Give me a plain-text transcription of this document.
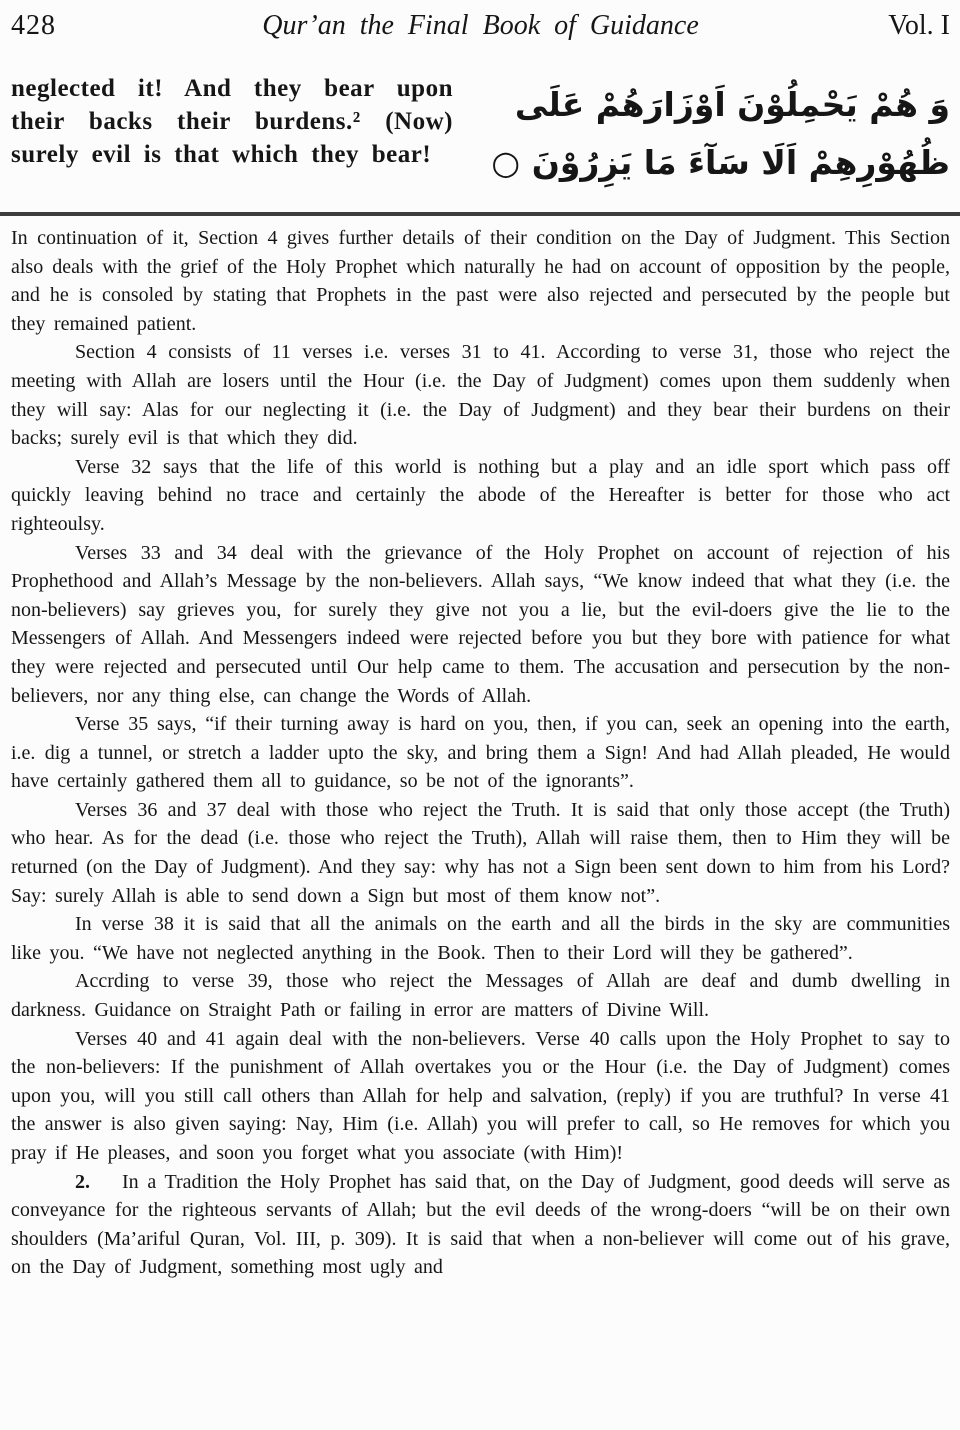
428	Qur’an the Final Book of Guidance	Vol. I
neglected it! And they bear upon their backs their burdens.² (Now) surely evil is that which they bear!
وَ هُمْ يَحْمِلُوْنَ اَوْزَارَهُمْ عَلَى
ظُهُوْرِهِمْ اَلَا سَآءَ مَا يَزِرُوْنَ ○

In continuation of it, Section 4 gives further details of their condition on the Day of Judgment. This Section also deals with the grief of the Holy Prophet which naturally he had on account of opposition by the people, and he is consoled by stating that Prophets in the past were also rejected and persecuted by the people but they remained patient.

Section 4 consists of 11 verses i.e. verses 31 to 41. According to verse 31, those who reject the meeting with Allah are losers until the Hour (i.e. the Day of Judgment) comes upon them suddenly when they will say: Alas for our neglecting it (i.e. the Day of Judgment) and they bear their burdens on their backs; surely evil is that which they did.

Verse 32 says that the life of this world is nothing but a play and an idle sport which pass off quickly leaving behind no trace and certainly the abode of the Hereafter is better for those who act righteoulsy.

Verses 33 and 34 deal with the grievance of the Holy Prophet on account of rejection of his Prophethood and Allah’s Message by the non-believers. Allah says, “We know indeed that what they (i.e. the non-believers) say grieves you, for surely they give not you a lie, but the evil-doers give the lie to the Messengers of Allah. And Messengers indeed were rejected before you but they bore with patience for what they were rejected and persecuted until Our help came to them. The accusation and persecution by the non-believers, nor any thing else, can change the Words of Allah.

Verse 35 says, “if their turning away is hard on you, then, if you can, seek an opening into the earth, i.e. dig a tunnel, or stretch a ladder upto the sky, and bring them a Sign! And had Allah pleaded, He would have certainly gathered them all to guidance, so be not of the ignorants”.

Verses 36 and 37 deal with those who reject the Truth. It is said that only those accept (the Truth) who hear. As for the dead (i.e. those who reject the Truth), Allah will raise them, then to Him they will be returned (on the Day of Judgment). And they say: why has not a Sign been sent down to him from his Lord? Say: surely Allah is able to send down a Sign but most of them know not”.

In verse 38 it is said that all the animals on the earth and all the birds in the sky are communities like you. “We have not neglected anything in the Book. Then to their Lord will they be gathered”.

Accrding to verse 39, those who reject the Messages of Allah are deaf and dumb dwelling in darkness. Guidance on Straight Path or failing in error are matters of Divine Will.

Verses 40 and 41 again deal with the non-believers. Verse 40 calls upon the Holy Prophet to say to the non-believers: If the punishment of Allah overtakes you or the Hour (i.e. the Day of Judgment) comes upon you, will you still call others than Allah for help and salvation, (reply) if you are truthful? In verse 41 the answer is also given saying: Nay, Him (i.e. Allah) you will prefer to call, so He removes for which you pray if He pleases, and soon you forget what you associate (with Him)!

2. In a Tradition the Holy Prophet has said that, on the Day of Judgment, good deeds will serve as conveyance for the righteous servants of Allah; but the evil deeds of the wrong-doers “will be on their own shoulders (Ma’ariful Quran, Vol. III, p. 309). It is said that when a non-believer will come out of his grave, on the Day of Judgment, something most ugly and
